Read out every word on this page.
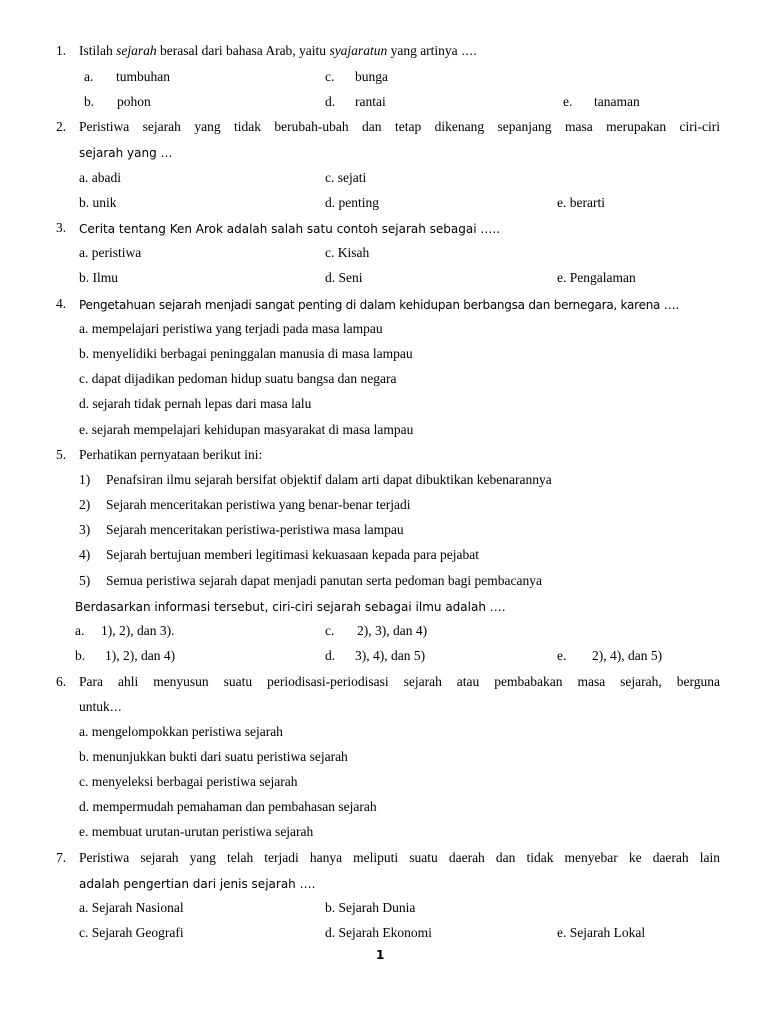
1. Istilah sejarah berasal dari bahasa Arab, yaitu syajaratun yang artinya ….
a. tumbuhan	c. bunga
b. pohon	d. rantai	e. tanaman
2. Peristiwa sejarah yang tidak berubah-ubah dan tetap dikenang sepanjang masa merupakan ciri-ciri
sejarah yang …
a. abadi	c. sejati
b. unik	d. penting	e. berarti
3. Cerita tentang Ken Arok adalah salah satu contoh sejarah sebagai …..
a. peristiwa	c. Kisah
b. Ilmu	d. Seni	e. Pengalaman
4. Pengetahuan sejarah menjadi sangat penting di dalam kehidupan berbangsa dan bernegara, karena ….
a. mempelajari peristiwa yang terjadi pada masa lampau
b. menyelidiki berbagai peninggalan manusia di masa lampau
c. dapat dijadikan pedoman hidup suatu bangsa dan negara
d. sejarah tidak pernah lepas dari masa lalu
e. sejarah mempelajari kehidupan masyarakat di masa lampau
5. Perhatikan pernyataan berikut ini:
1) Penafsiran ilmu sejarah bersifat objektif dalam arti dapat dibuktikan kebenarannya
2) Sejarah menceritakan peristiwa yang benar-benar terjadi
3) Sejarah menceritakan peristiwa-peristiwa masa lampau
4) Sejarah bertujuan memberi legitimasi kekuasaan kepada para pejabat
5) Semua peristiwa sejarah dapat menjadi panutan serta pedoman bagi pembacanya
Berdasarkan informasi tersebut, ciri-ciri sejarah sebagai ilmu adalah ….
a. 1), 2), dan 3).	c. 2), 3), dan 4)
b. 1), 2), dan 4)	d. 3), 4), dan 5)	e. 2), 4), dan 5)
6. Para ahli menyusun suatu periodisasi-periodisasi sejarah atau pembabakan masa sejarah, berguna
untuk…
a. mengelompokkan peristiwa sejarah
b. menunjukkan bukti dari suatu peristiwa sejarah
c. menyeleksi berbagai peristiwa sejarah
d. mempermudah pemahaman dan pembahasan sejarah
e. membuat urutan-urutan peristiwa sejarah
7. Peristiwa sejarah yang telah terjadi hanya meliputi suatu daerah dan tidak menyebar ke daerah lain
adalah pengertian dari jenis sejarah ….
a. Sejarah Nasional	b. Sejarah Dunia
c. Sejarah Geografi	d. Sejarah Ekonomi	e. Sejarah Lokal
1
